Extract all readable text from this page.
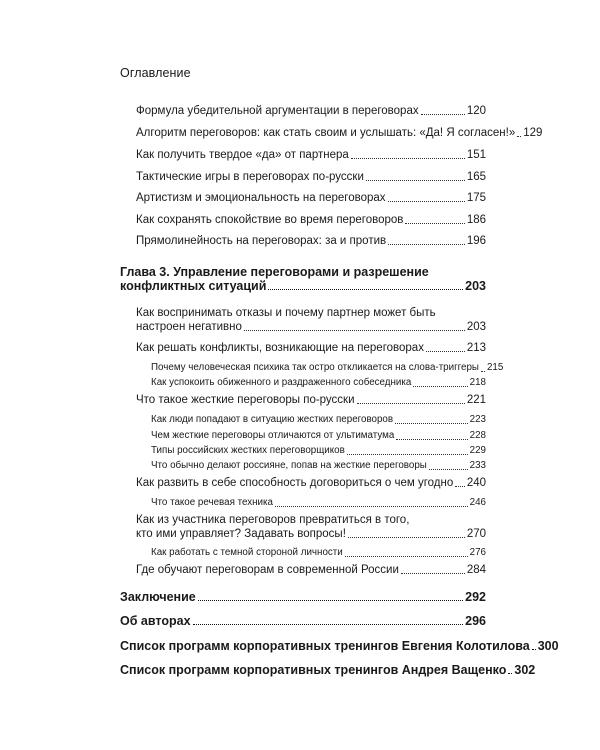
Оглавление
Формула убедительной аргументации в переговорах	120
Алгоритм переговоров: как стать своим и услышать: «Да! Я согласен!» 129
Как получить твердое «да» от партнера	151
Тактические игры в переговорах по-русски	165
Артистизм и эмоциональность на переговорах	175
Как сохранять спокойствие во время переговоров	186
Прямолинейность на переговорах: за и против	196
Глава 3. Управление переговорами и разрешение
конфликтных ситуаций	203
Как воспринимать отказы и почему партнер может быть
настроен негативно	203
Как решать конфликты, возникающие на переговорах	213
Почему человеческая психика так остро откликается на слова-триггеры 215
Как успокоить обиженного и раздраженного собеседника	218
Что такое жесткие переговоры по-русски	221
Как люди попадают в ситуацию жестких переговоров	223
Чем жесткие переговоры отличаются от ультиматума	228
Типы российских жестких переговорщиков	229
Что обычно делают россияне, попав на жесткие переговоры	233
Как развить в себе способность договориться о чем угодно 240
Что такое речевая техника	246
Как из участника переговоров превратиться в того,
кто ими управляет? Задавать вопросы!	270
Как работать с темной стороной личности	276
Где обучают переговорам в современной России	284
Заключение	292
Об авторах	296
Список программ корпоративных тренингов Евгения Колотилова 300
Список программ корпоративных тренингов Андрея Ващенко 302
